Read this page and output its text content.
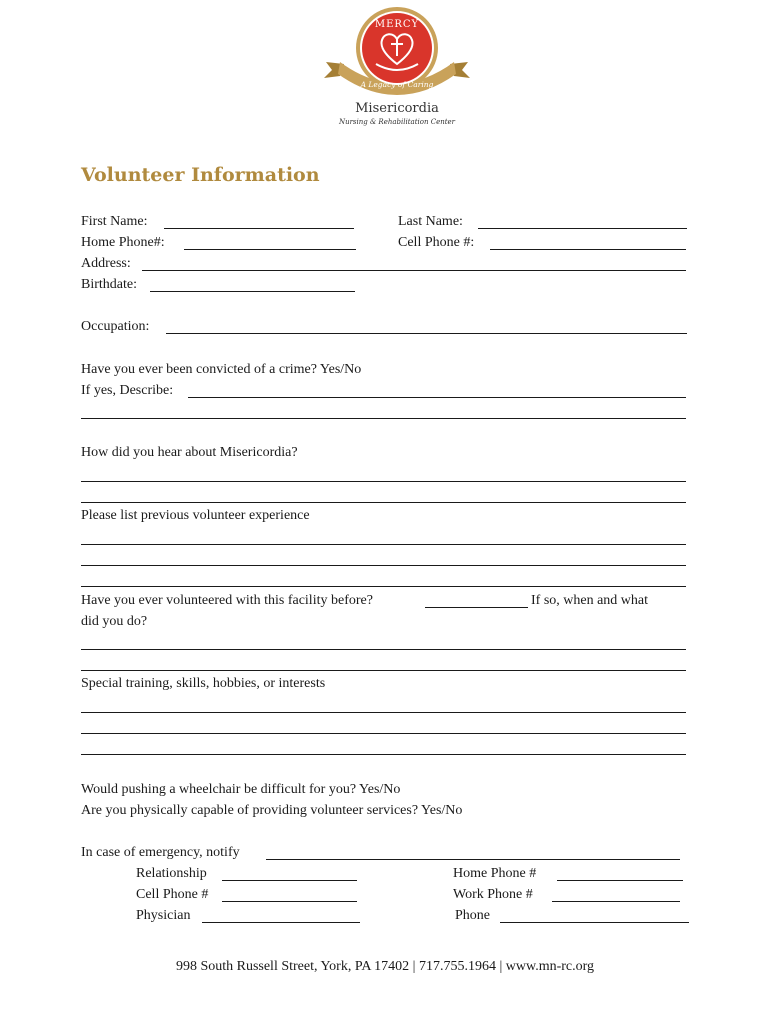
MERCY
A Legacy of Caring
Misericordia
Nursing & Rehabilitation Center
Volunteer Information
First Name:	Last Name:
Home Phone#:	Cell Phone #:
Address:
Birthdate:
Occupation:
Have you ever been convicted of a crime? Yes/No
If yes, Describe:
How did you hear about Misericordia?
Please list previous volunteer experience
Have you ever volunteered with this facility before?	If so, when and what
did you do?
Special training, skills, hobbies, or interests
Would pushing a wheelchair be difficult for you? Yes/No
Are you physically capable of providing volunteer services? Yes/No
In case of emergency, notify
Relationship	Home Phone #
Cell Phone #	Work Phone #
Physician	Phone
998 South Russell Street, York, PA 17402 | 717.755.1964 | www.mn-rc.org
